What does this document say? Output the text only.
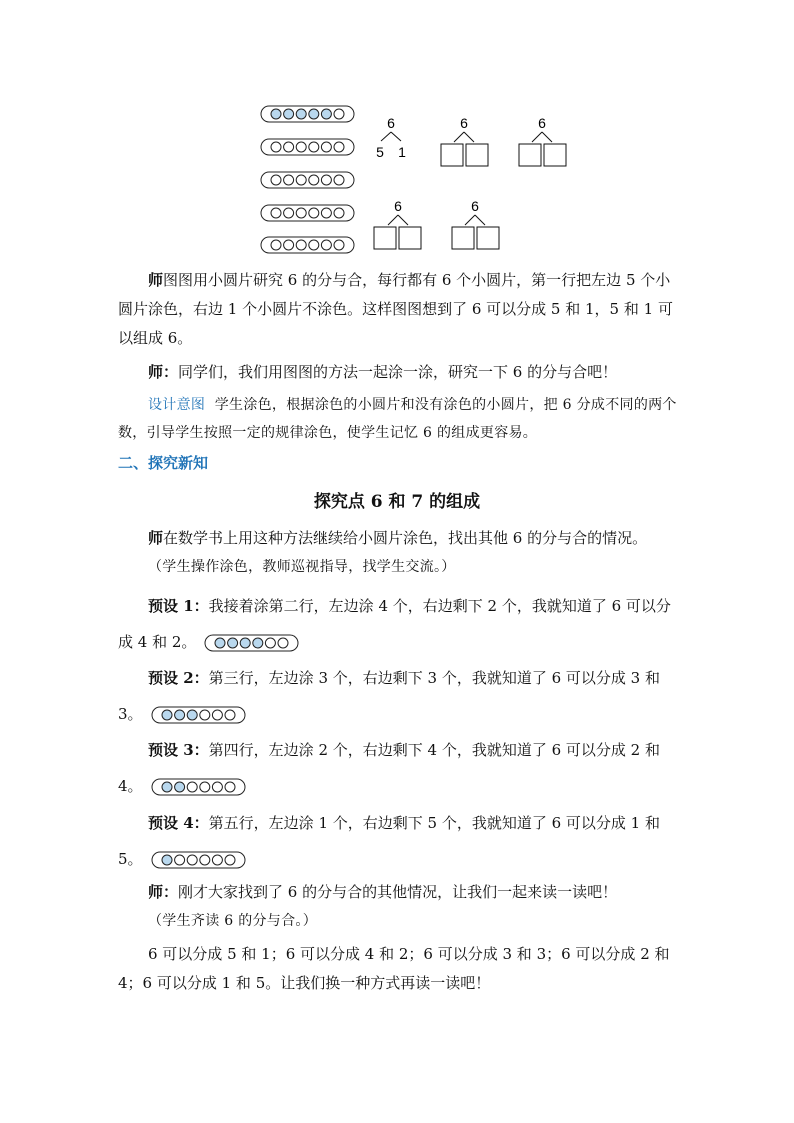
6
5 1
6	6
6	6

师图图用小圆片研究 6 的分与合，每行都有 6 个小圆片，第一行把左边 5 个小圆片涂色，右边 1 个小圆片不涂色。这样图图想到了 6 可以分成 5 和 1，5 和 1 可以组成 6。

师：同学们，我们用图图的方法一起涂一涂，研究一下 6 的分与合吧！

设计意图 学生涂色，根据涂色的小圆片和没有涂色的小圆片，把 6 分成不同的两个数，引导学生按照一定的规律涂色，使学生记忆 6 的组成更容易。

二、探究新知
探究点 6 和 7 的组成

师在数学书上用这种方法继续给小圆片涂色，找出其他 6 的分与合的情况。

（学生操作涂色，教师巡视指导，找学生交流。）

预设 1：我接着涂第二行，左边涂 4 个，右边剩下 2 个，我就知道了 6 可以分成 4 和 2。

预设 2：第三行，左边涂 3 个，右边剩下 3 个，我就知道了 6 可以分成 3 和 3。

预设 3：第四行，左边涂 2 个，右边剩下 4 个，我就知道了 6 可以分成 2 和 4。

预设 4：第五行，左边涂 1 个，右边剩下 5 个，我就知道了 6 可以分成 1 和 5。

师：刚才大家找到了 6 的分与合的其他情况，让我们一起来读一读吧！

（学生齐读 6 的分与合。）

6 可以分成 5 和 1；6 可以分成 4 和 2；6 可以分成 3 和 3；6 可以分成 2 和 4；6 可以分成 1 和 5。让我们换一种方式再读一读吧！
